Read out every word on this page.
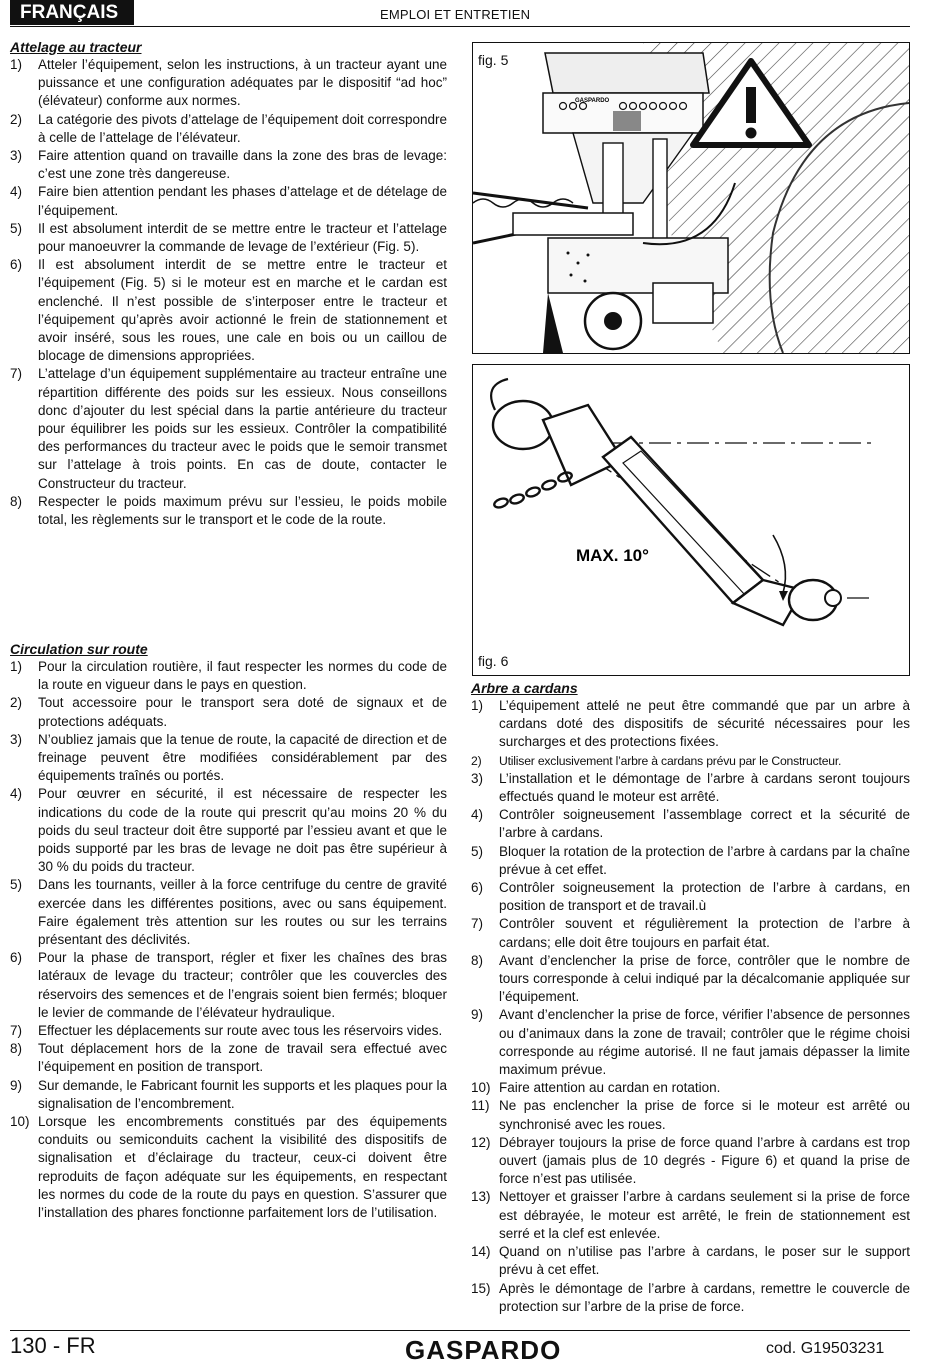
FRANÇAIS	EMPLOI ET ENTRETIEN
Attelage au tracteur
1) Atteler l’équipement, selon les instructions, à un tracteur ayant une puissance et une configuration adéquates par le dispositif “ad hoc” (élévateur) conforme aux normes.
2) La catégorie des pivots d’attelage de l’équipement doit correspondre à celle de l’attelage de l’élévateur.
3) Faire attention quand on travaille dans la zone des bras de levage: c’est une zone très dangereuse.
4) Faire bien attention pendant les phases d’attelage et de dételage de l’équipement.
5) Il est absolument interdit de se mettre entre le tracteur et l’attelage pour manoeuvrer la commande de levage de l’extérieur (Fig. 5).
6) Il est absolument interdit de se mettre entre le tracteur et l’équipement (Fig. 5) si le moteur est en marche et le cardan est enclenché. Il n’est possible de s’interposer entre le tracteur et l’équipement qu’après avoir actionné le frein de stationnement et avoir inséré, sous les roues, une cale en bois ou un caillou de blocage de dimensions appropriées.
7) L’attelage d’un équipement supplémentaire au tracteur entraîne une répartition différente des poids sur les essieux. Nous conseillons donc d’ajouter du lest spécial dans la partie antérieure du tracteur pour équilibrer les poids sur les essieux. Contrôler la compatibilité des performances du tracteur avec le poids que le semoir transmet sur l’attelage à trois points. En cas de doute, contacter le Constructeur du tracteur.
8) Respecter le poids maximum prévu sur l’essieu, le poids mobile total, les règlements sur le transport et le code de la route.
fig. 5
GASPARDO
fig. 6
MAX. 10°
Circulation sur route
1) Pour la circulation routière, il faut respecter les normes du code de la route en vigueur dans le pays en question.
2) Tout accessoire pour le transport sera doté de signaux et de protections adéquats.
3) N’oubliez jamais que la tenue de route, la capacité de direction et de freinage peuvent être modifiées considérablement par des équipements traînés ou portés.
4) Pour œuvrer en sécurité, il est nécessaire de respecter les indications du code de la route qui prescrit qu’au moins 20 % du poids du seul tracteur doit être supporté par l’essieu avant et que le poids supporté par les bras de levage ne doit pas être supérieur à 30 % du poids du tracteur.
5) Dans les tournants, veiller à la force centrifuge du centre de gravité exercée dans les différentes positions, avec ou sans équipement. Faire également très attention sur les routes ou sur les terrains présentant des déclivités.
6) Pour la phase de transport, régler et fixer les chaînes des bras latéraux de levage du tracteur; contrôler que les couvercles des réservoirs des semences et de l’engrais soient bien fermés; bloquer le levier de commande de l’élévateur hydraulique.
7) Effectuer les déplacements sur route avec tous les réservoirs vides.
8) Tout déplacement hors de la zone de travail sera effectué avec l’équipement en position de transport.
9) Sur demande, le Fabricant fournit les supports et les plaques pour la signalisation de l’encombrement.
10) Lorsque les encombrements constitués par des équipements conduits ou semiconduits cachent la visibilité des dispositifs de signalisation et d’éclairage du tracteur, ceux-ci doivent être reproduits de façon adéquate sur les équipements, en respectant les normes du code de la route du pays en question. S’assurer que l’installation des phares fonctionne parfaitement lors de l’utilisation.
Arbre a cardans
1) L’équipement attelé ne peut être commandé que par un arbre à cardans doté des dispositifs de sécurité nécessaires pour les surcharges et des protections fixées.
2) Utiliser exclusivement l’arbre à cardans prévu par le Constructeur.
3) L’installation et le démontage de l’arbre à cardans seront toujours effectués quand le moteur est arrêté.
4) Contrôler soigneusement l’assemblage correct et la sécurité de l’arbre à cardans.
5) Bloquer la rotation de la protection de l’arbre à cardans par la chaîne prévue à cet effet.
6) Contrôler soigneusement la protection de l’arbre à cardans, en position de transport et de travail.ù
7) Contrôler souvent et régulièrement la protection de l’arbre à cardans; elle doit être toujours en parfait état.
8) Avant d’enclencher la prise de force, contrôler que le nombre de tours corresponde à celui indiqué par la décalcomanie appliquée sur l’équipement.
9) Avant d’enclencher la prise de force, vérifier l’absence de personnes ou d’animaux dans la zone de travail; contrôler que le régime choisi corresponde au régime autorisé. Il ne faut jamais dépasser la limite maximum prévue.
10) Faire attention au cardan en rotation.
11) Ne pas enclencher la prise de force si le moteur est arrêté ou synchronisé avec les roues.
12) Débrayer toujours la prise de force quand l’arbre à cardans est trop ouvert (jamais plus de 10 degrés - Figure 6) et quand la prise de force n’est pas utilisée.
13) Nettoyer et graisser l’arbre à cardans seulement si la prise de force est débrayée, le moteur est arrêté, le frein de stationnement est serré et la clef est enlevée.
14) Quand on n’utilise pas l’arbre à cardans, le poser sur le support prévu à cet effet.
15) Après le démontage de l’arbre à cardans, remettre le couvercle de protection sur l’arbre de la prise de force.
130 - FR	GASPARDO	cod. G19503231
